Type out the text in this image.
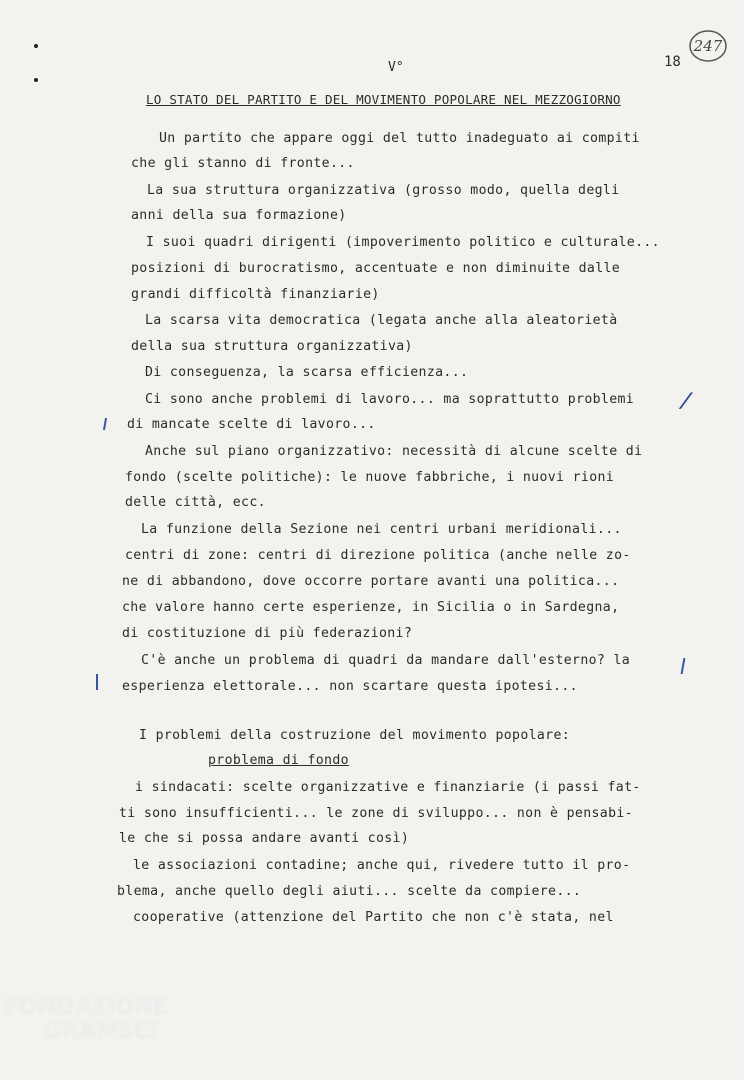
247
18
V°
LO STATO DEL PARTITO E DEL MOVIMENTO POPOLARE NEL MEZZOGIORNO
Un partito che appare oggi del tutto inadeguato ai compiti
che gli stanno di fronte...
La sua struttura organizzativa (grosso modo, quella degli
anni della sua formazione)
I suoi quadri dirigenti (impoverimento politico e culturale...
posizioni di burocratismo, accentuate e non diminuite dalle
grandi difficoltà finanziarie)
La scarsa vita democratica (legata anche alla aleatorietà
della sua struttura organizzativa)
Di conseguenza, la scarsa efficienza...
Ci sono anche problemi di lavoro... ma soprattutto problemi
di mancate scelte di lavoro...
Anche sul piano organizzativo: necessità di alcune scelte di
fondo (scelte politiche): le nuove fabbriche, i nuovi rioni
delle città, ecc.
La funzione della Sezione nei centri urbani meridionali...
centri di zone: centri di direzione politica (anche nelle zo-
ne di abbandono, dove occorre portare avanti una politica...
che valore hanno certe esperienze, in Sicilia o in Sardegna,
di costituzione di più federazioni?
C'è anche un problema di quadri da mandare dall'esterno? la
esperienza elettorale... non scartare questa ipotesi...
I problemi della costruzione del movimento popolare:
problema di fondo
i sindacati: scelte organizzative e finanziarie (i passi fat-
ti sono insufficienti... le zone di sviluppo... non è pensabi-
le che si possa andare avanti così)
le associazioni contadine; anche qui, rivedere tutto il pro-
blema, anche quello degli aiuti... scelte da compiere...
cooperative (attenzione del Partito che non c'è stata, nel
/
FONDAZIONE
GRAMSCI
